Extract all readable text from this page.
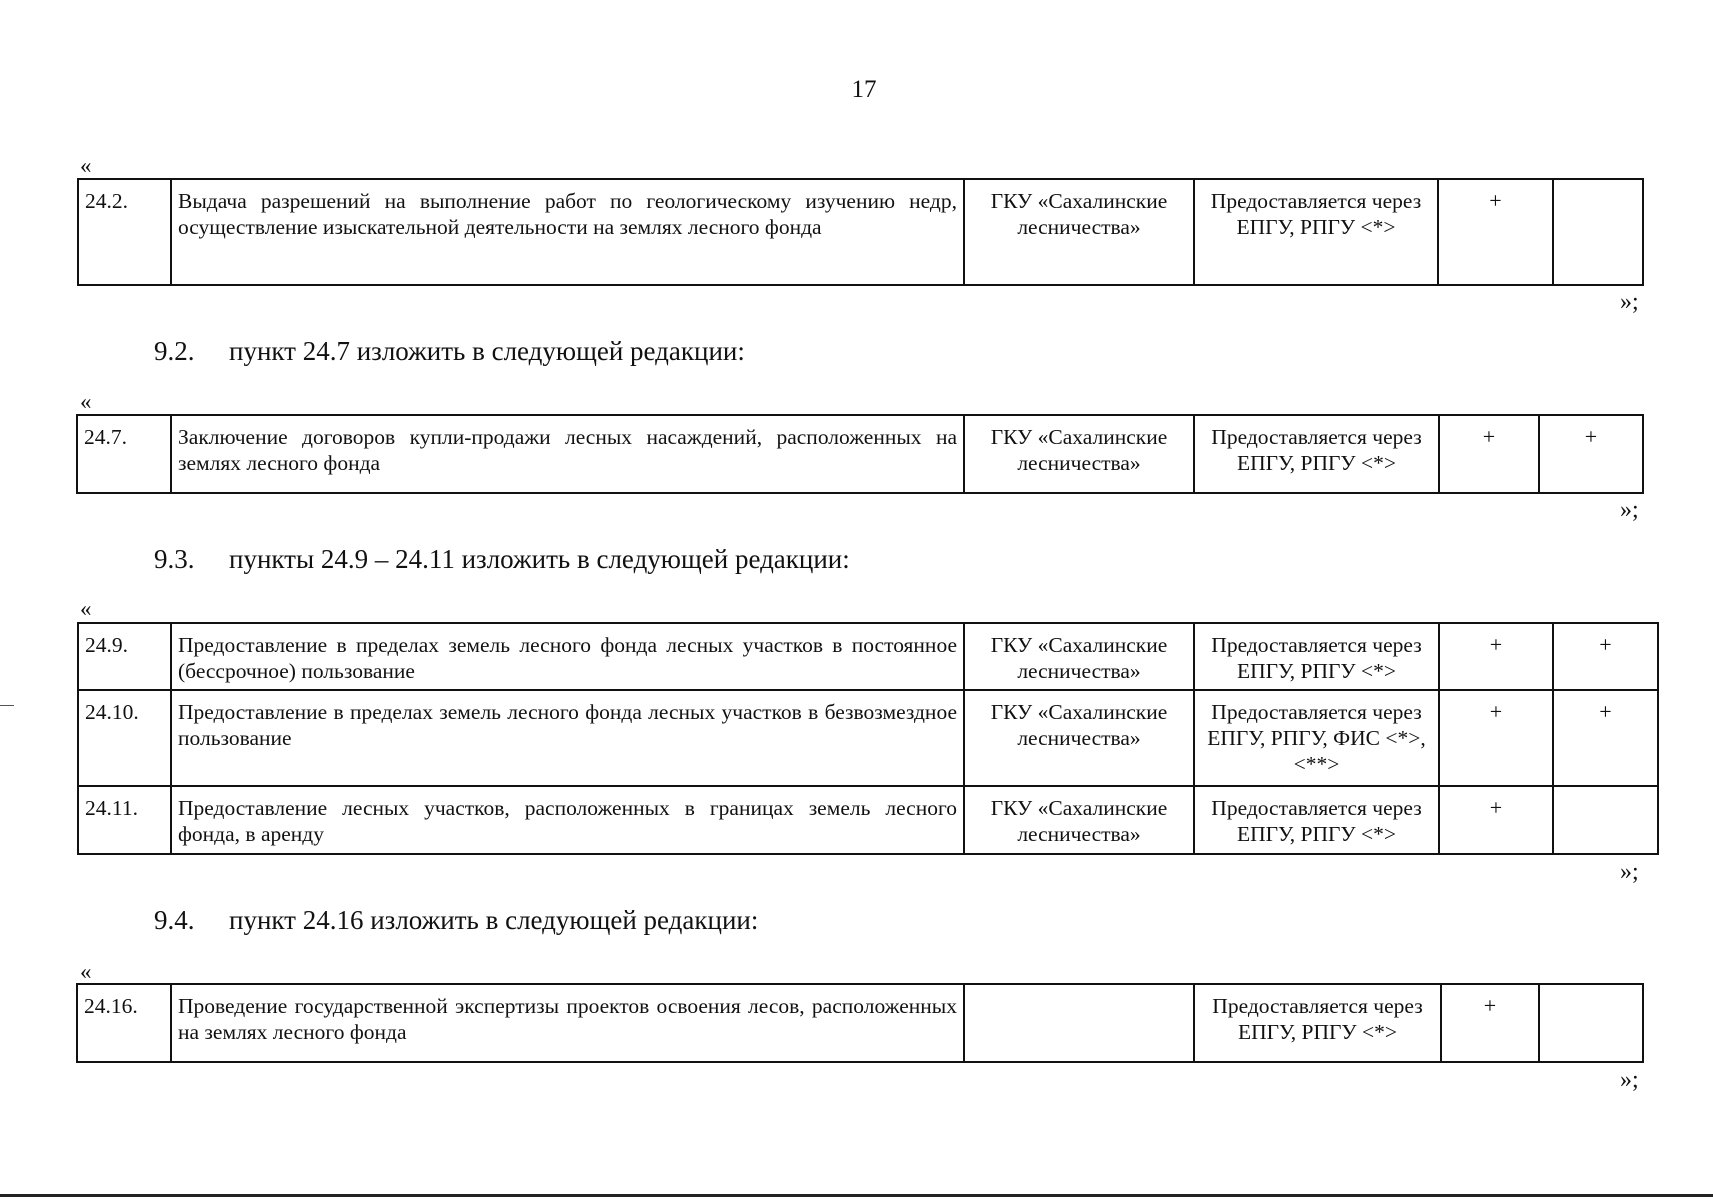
17
«
24.2.	Выдача разрешений на выполнение работ по геологическому изучению недр, осуществление изыскательной деятельности на землях лесного фонда	ГКУ «Сахалинские лесничества»	Предоставляется через ЕПГУ, РПГУ <*>	+	
»;
9.2. пункт 24.7 изложить в следующей редакции:
«
24.7.	Заключение договоров купли-продажи лесных насаждений, расположенных на землях лесного фонда	ГКУ «Сахалинские лесничества»	Предоставляется через ЕПГУ, РПГУ <*>	+	+
»;
9.3. пункты 24.9 – 24.11 изложить в следующей редакции:
«
24.9.	Предоставление в пределах земель лесного фонда лесных участков в постоянное (бессрочное) пользование	ГКУ «Сахалинские лесничества»	Предоставляется через ЕПГУ, РПГУ <*>	+	+
24.10.	Предоставление в пределах земель лесного фонда лесных участков в безвозмездное пользование	ГКУ «Сахалинские лесничества»	Предоставляется через ЕПГУ, РПГУ, ФИС <*>, <**>	+	+
24.11.	Предоставление лесных участков, расположенных в границах земель лесного фонда, в аренду	ГКУ «Сахалинские лесничества»	Предоставляется через ЕПГУ, РПГУ <*>	+	
»;
9.4. пункт 24.16 изложить в следующей редакции:
«
24.16.	Проведение государственной экспертизы проектов освоения лесов, расположенных на землях лесного фонда		Предоставляется через ЕПГУ, РПГУ <*>	+	
»;
